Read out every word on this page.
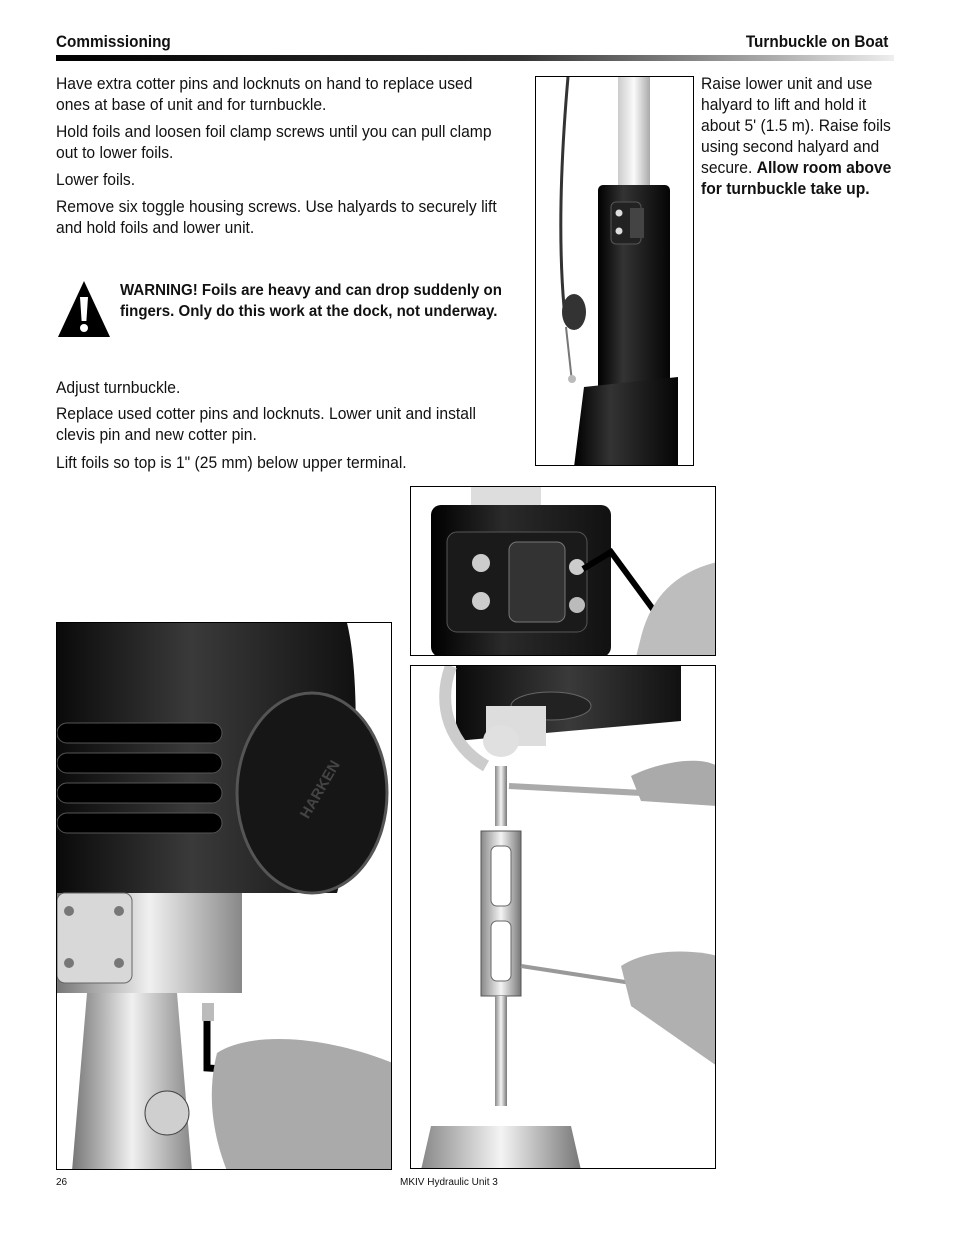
Commissioning	Turnbuckle on Boat

Have extra cotter pins and locknuts on hand to replace used ones at base of unit and for turnbuckle.

Hold foils and loosen foil clamp screws until you can pull clamp out to lower foils.

Lower foils.

Remove six toggle housing screws. Use halyards to securely lift and hold foils and lower unit.

WARNING! Foils are heavy and can drop suddenly on fingers. Only do this work at the dock, not underway.

Adjust turnbuckle.

Replace used cotter pins and locknuts. Lower unit and install clevis pin and new cotter pin.

Lift foils so top is 1" (25 mm) below upper terminal.

Raise lower unit and use halyard to lift and hold it about 5' (1.5 m). Raise foils using second halyard and secure. Allow room above for turnbuckle take up.

HARKEN
26	MKIV Hydraulic Unit 3
